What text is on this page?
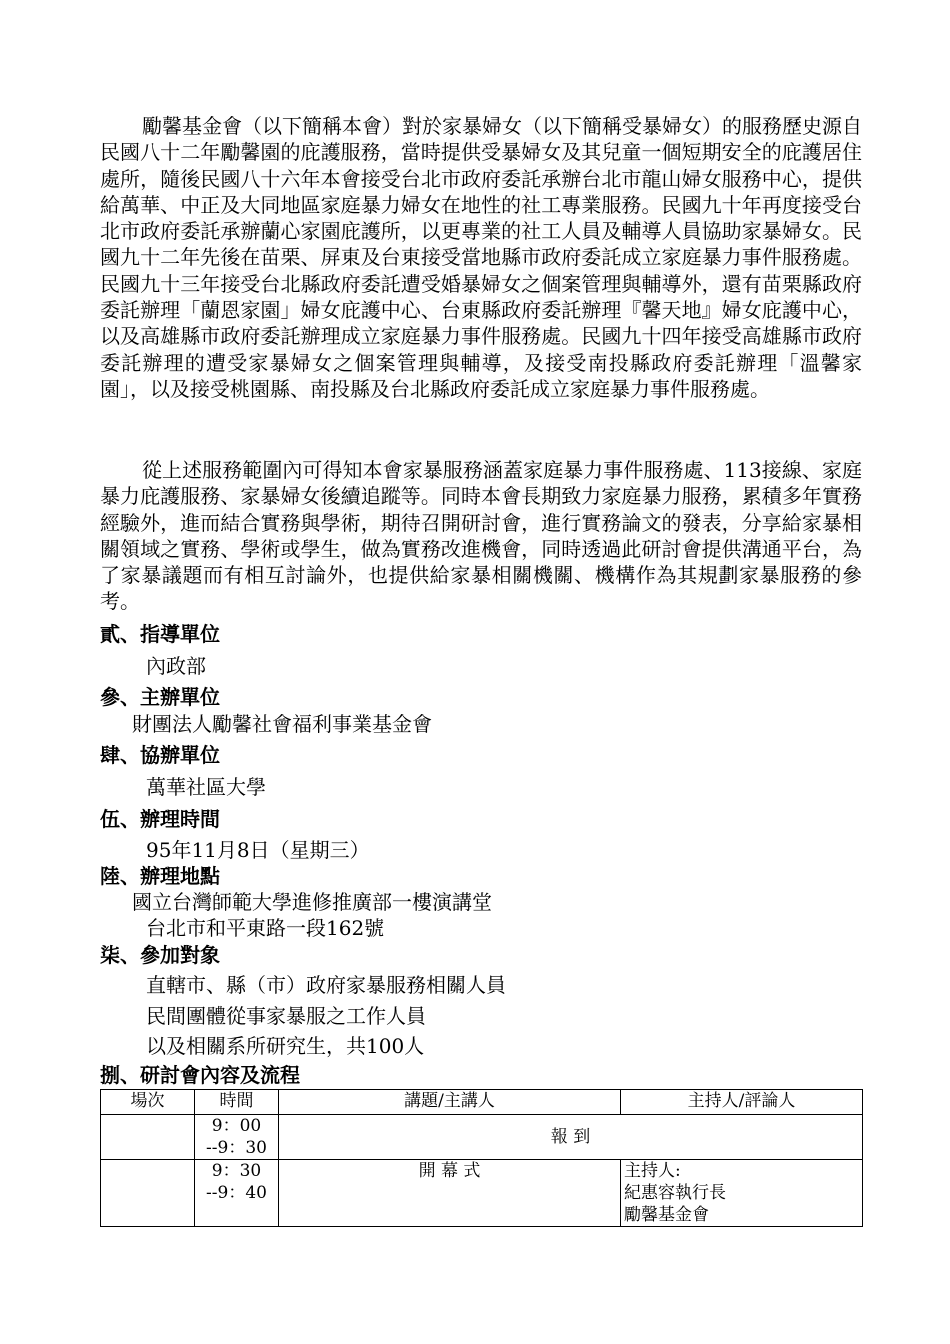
勵馨基金會（以下簡稱本會）對於家暴婦女（以下簡稱受暴婦女）的服務歷史源自民國八十二年勵馨園的庇護服務，當時提供受暴婦女及其兒童一個短期安全的庇護居住處所，隨後民國八十六年本會接受台北市政府委託承辦台北市龍山婦女服務中心，提供給萬華、中正及大同地區家庭暴力婦女在地性的社工專業服務。民國九十年再度接受台北市政府委託承辦蘭心家園庇護所，以更專業的社工人員及輔導人員協助家暴婦女。民國九十二年先後在苗栗、屏東及台東接受當地縣市政府委託成立家庭暴力事件服務處。民國九十三年接受台北縣政府委託遭受婚暴婦女之個案管理與輔導外，還有苗栗縣政府委託辦理「蘭恩家園」婦女庇護中心、台東縣政府委託辦理『馨天地』婦女庇護中心，以及高雄縣市政府委託辦理成立家庭暴力事件服務處。民國九十四年接受高雄縣市政府委託辦理的遭受家暴婦女之個案管理與輔導，及接受南投縣政府委託辦理「溫馨家園」，以及接受桃園縣、南投縣及台北縣政府委託成立家庭暴力事件服務處。

從上述服務範圍內可得知本會家暴服務涵蓋家庭暴力事件服務處、113接線、家庭暴力庇護服務、家暴婦女後續追蹤等。同時本會長期致力家庭暴力服務，累積多年實務經驗外，進而結合實務與學術，期待召開研討會，進行實務論文的發表，分享給家暴相關領域之實務、學術或學生，做為實務改進機會，同時透過此研討會提供溝通平台，為了家暴議題而有相互討論外，也提供給家暴相關機關、機構作為其規劃家暴服務的參考。

貳、指導單位
內政部
參、主辦單位
財團法人勵馨社會福利事業基金會
肆、協辦單位
萬華社區大學
伍、辦理時間
95年11月8日（星期三）
陸、辦理地點
國立台灣師範大學進修推廣部一樓演講堂
台北市和平東路一段162號
柒、參加對象
直轄市、縣（市）政府家暴服務相關人員
民間團體從事家暴服之工作人員
以及相關系所研究生，共100人
捌、研討會內容及流程
場次	時間	講題/主講人	主持人/評論人
	9：00
--9：30	報 到	
	9：30
--9：40	開 幕 式	主持人:
紀惠容執行長
勵馨基金會
